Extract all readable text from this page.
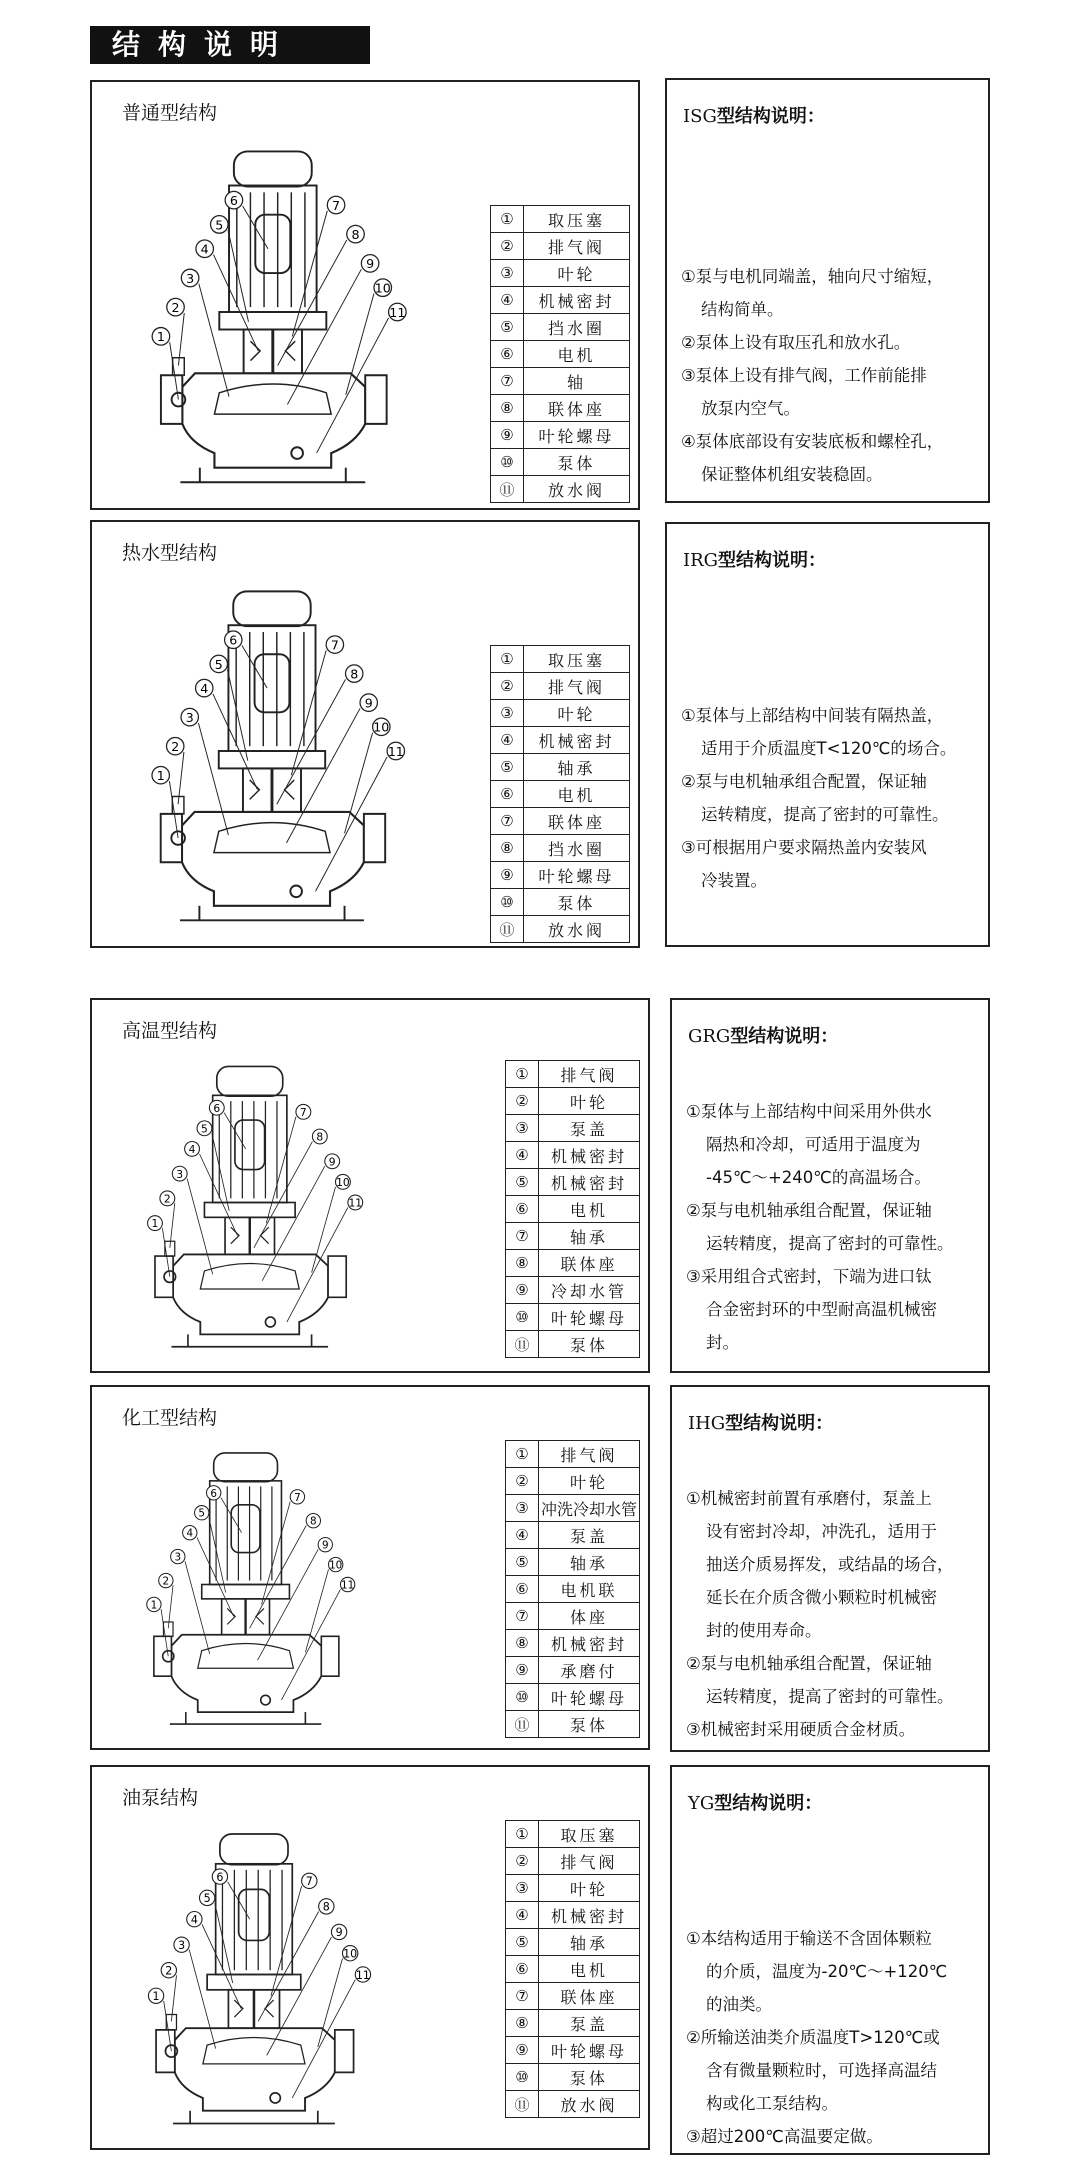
结构说明
普通型结构
1
2
3
4
5
6	7
8
9
10
11
①	取压塞
②	排气阀
③	叶轮
④	机械密封
⑤	挡水圈
⑥	电机
⑦	轴
⑧	联体座
⑨	叶轮螺母
⑩	泵体
⑪	放水阀
ISG型结构说明：
①泵与电机同端盖，轴向尺寸缩短，
结构简单。
②泵体上设有取压孔和放水孔。
③泵体上设有排气阀，工作前能排
放泵内空气。
④泵体底部设有安装底板和螺栓孔，
保证整体机组安装稳固。
热水型结构
1
2
3
4
5
6	7
8
9
10
11
①	取压塞
②	排气阀
③	叶轮
④	机械密封
⑤	轴承
⑥	电机
⑦	联体座
⑧	挡水圈
⑨	叶轮螺母
⑩	泵体
⑪	放水阀
IRG型结构说明：
①泵体与上部结构中间装有隔热盖，
适用于介质温度T<120℃的场合。
②泵与电机轴承组合配置，保证轴
运转精度，提高了密封的可靠性。
③可根据用户要求隔热盖内安装风
冷装置。
高温型结构
1
2
3
4
5
6	7
8
9
10
11
①	排气阀
②	叶轮
③	泵盖
④	机械密封
⑤	机械密封
⑥	电机
⑦	轴承
⑧	联体座
⑨	冷却水管
⑩	叶轮螺母
⑪	泵体
GRG型结构说明：
①泵体与上部结构中间采用外供水
隔热和冷却，可适用于温度为
-45℃～+240℃的高温场合。
②泵与电机轴承组合配置，保证轴
运转精度，提高了密封的可靠性。
③采用组合式密封，下端为进口钛
合金密封环的中型耐高温机械密
封。
化工型结构
1
2
3
4
5
6	7
8
9
10
11
①	排气阀
②	叶轮
③	冲洗冷却水管
④	泵盖
⑤	轴承
⑥	电机联
⑦	体座
⑧	机械密封
⑨	承磨付
⑩	叶轮螺母
⑪	泵体
IHG型结构说明：
①机械密封前置有承磨付，泵盖上
设有密封冷却，冲洗孔，适用于
抽送介质易挥发，或结晶的场合，
延长在介质含微小颗粒时机械密
封的使用寿命。
②泵与电机轴承组合配置，保证轴
运转精度，提高了密封的可靠性。
③机械密封采用硬质合金材质。
油泵结构
1
2
3
4
5
6	7
8
9
10
11
①	取压塞
②	排气阀
③	叶轮
④	机械密封
⑤	轴承
⑥	电机
⑦	联体座
⑧	泵盖
⑨	叶轮螺母
⑩	泵体
⑪	放水阀
YG型结构说明：
①本结构适用于输送不含固体颗粒
的介质，温度为-20℃～+120℃
的油类。
②所输送油类介质温度T>120℃或
含有微量颗粒时，可选择高温结
构或化工泵结构。
③超过200℃高温要定做。
